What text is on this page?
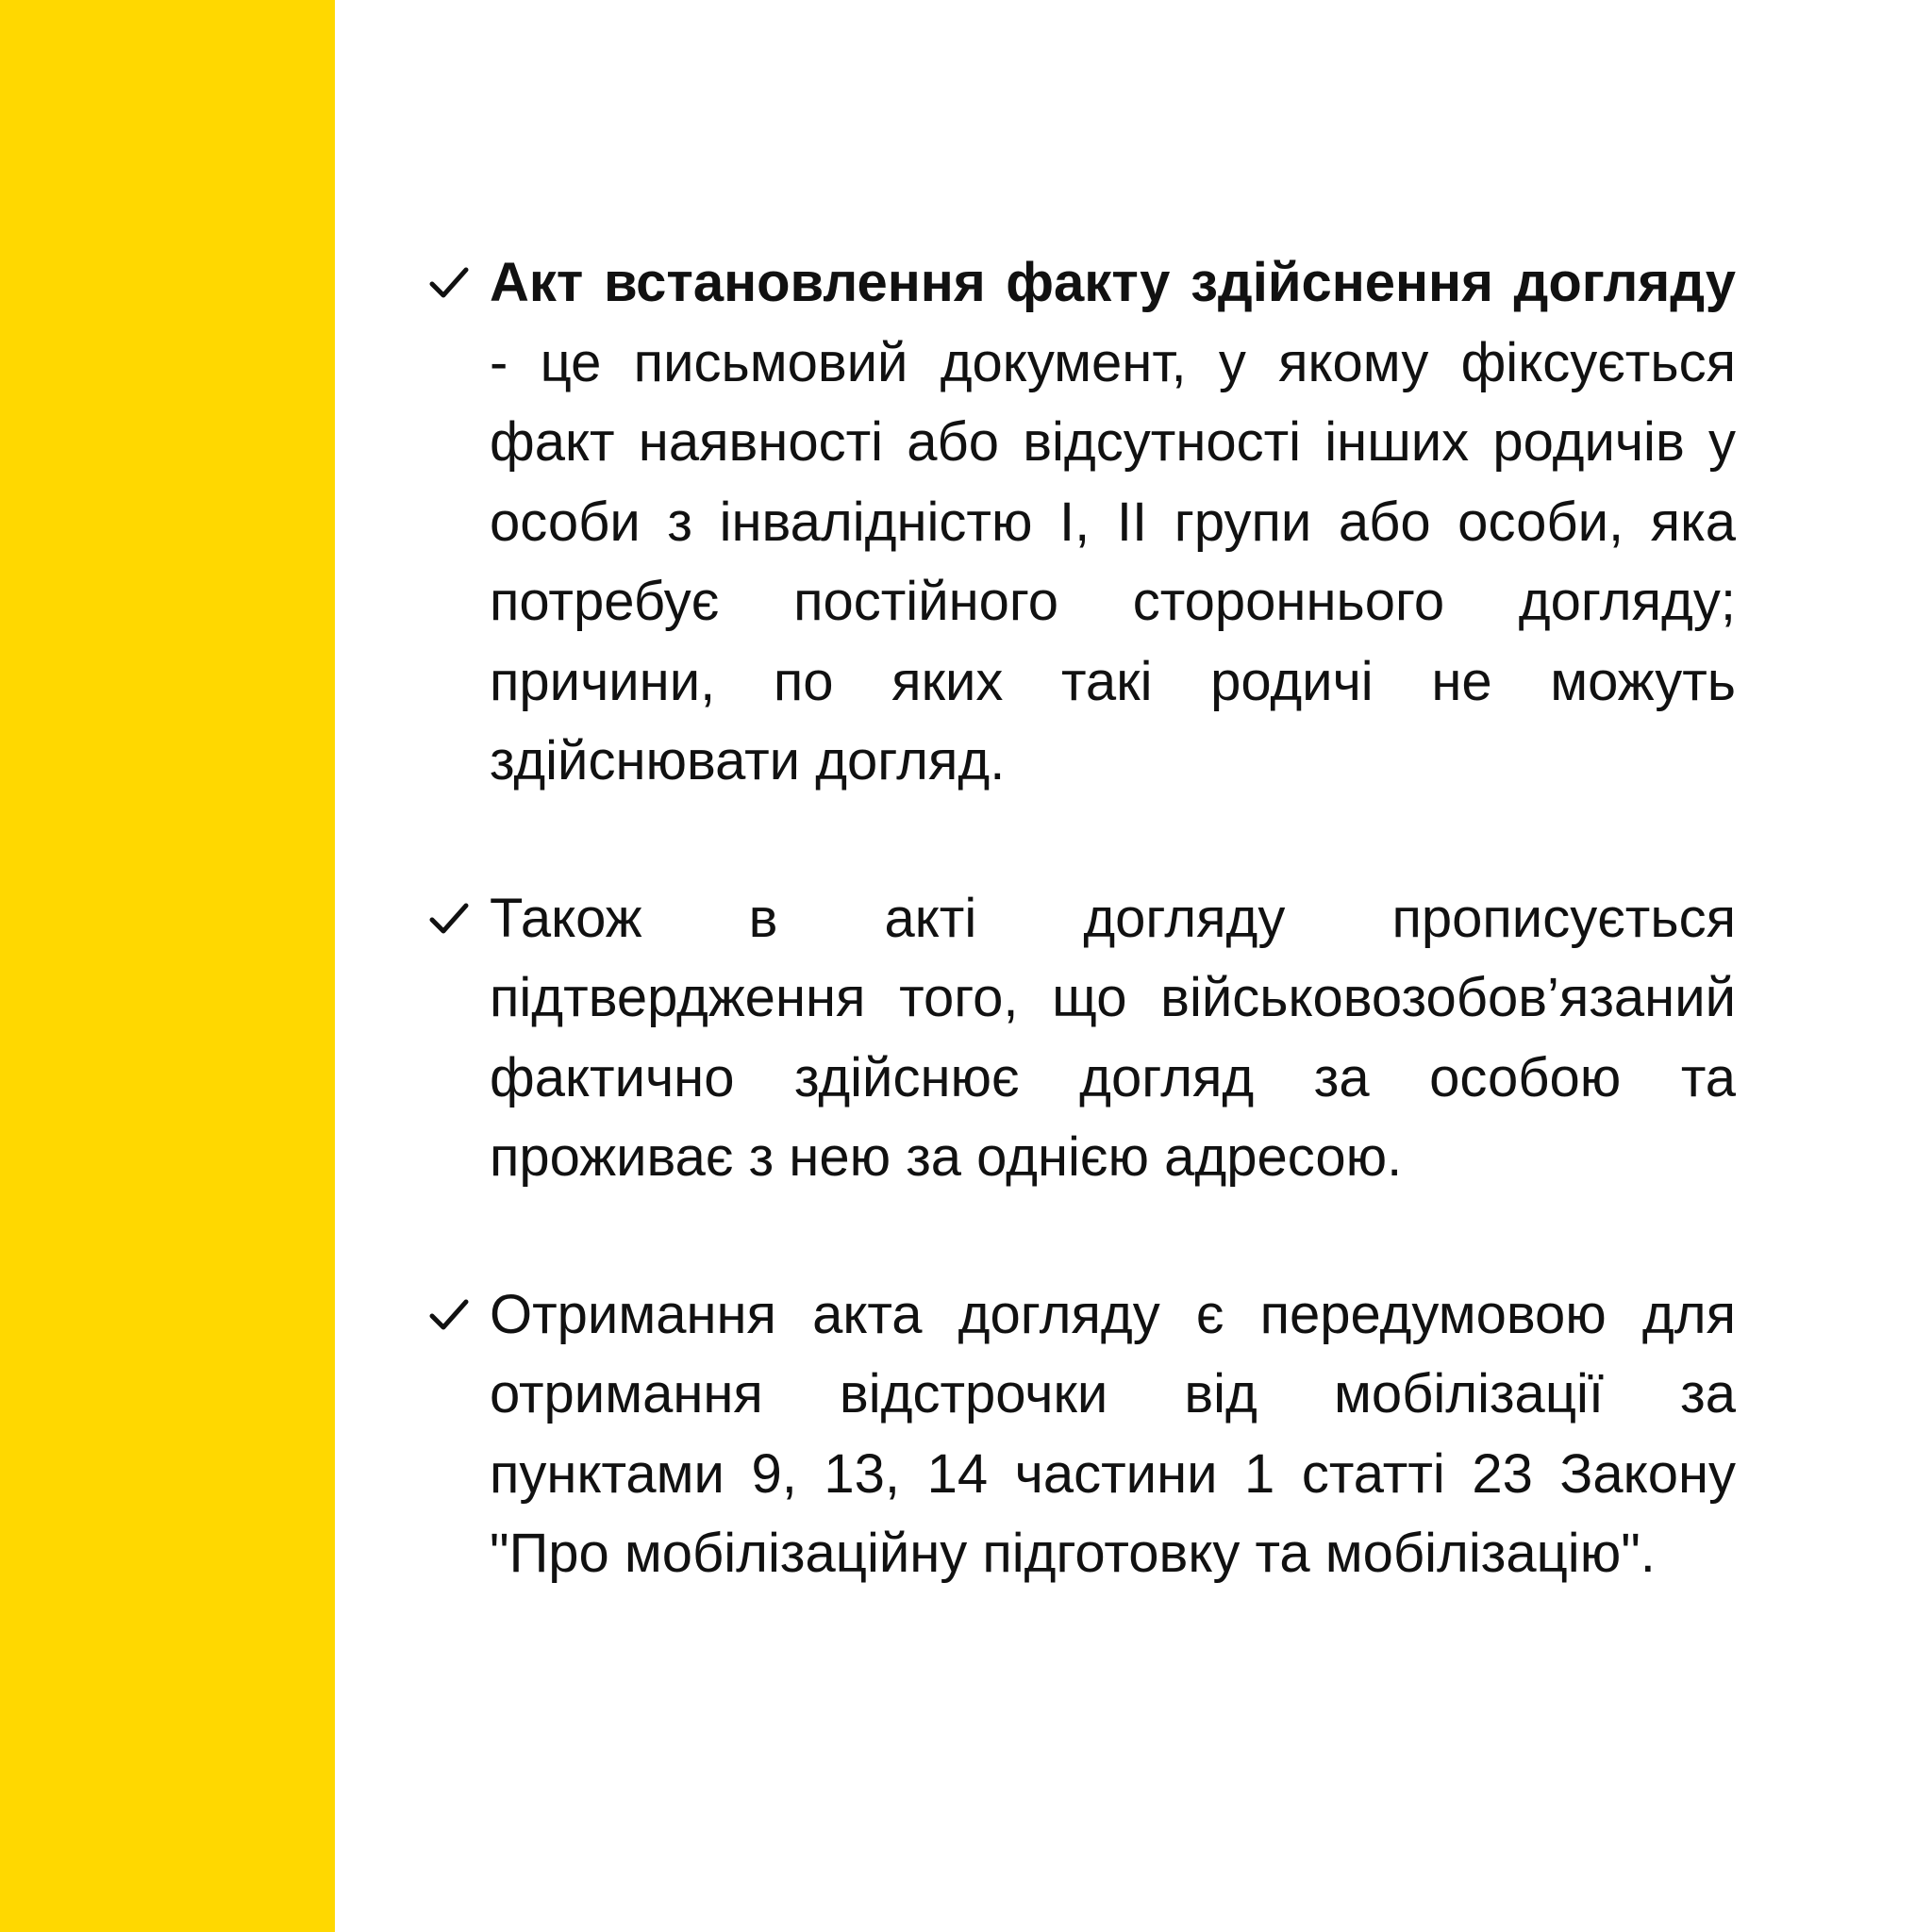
Акт встановлення факту здійснення догляду - це письмовий документ, у якому фіксується факт наявності або відсутності інших родичів у особи з інвалідністю I, II групи або особи, яка потребує постійного стороннього догляду; причини, по яких такі родичі не можуть здійснювати догляд.
Також в акті догляду прописується підтвердження того, що військовозобов’язаний фактично здійснює догляд за особою та проживає з нею за однією адресою.
Отримання акта догляду є передумовою для отримання відстрочки від мобілізації за пунктами 9, 13, 14 частини 1 статті 23 Закону "Про мобілізаційну підготовку та мобілізацію".
